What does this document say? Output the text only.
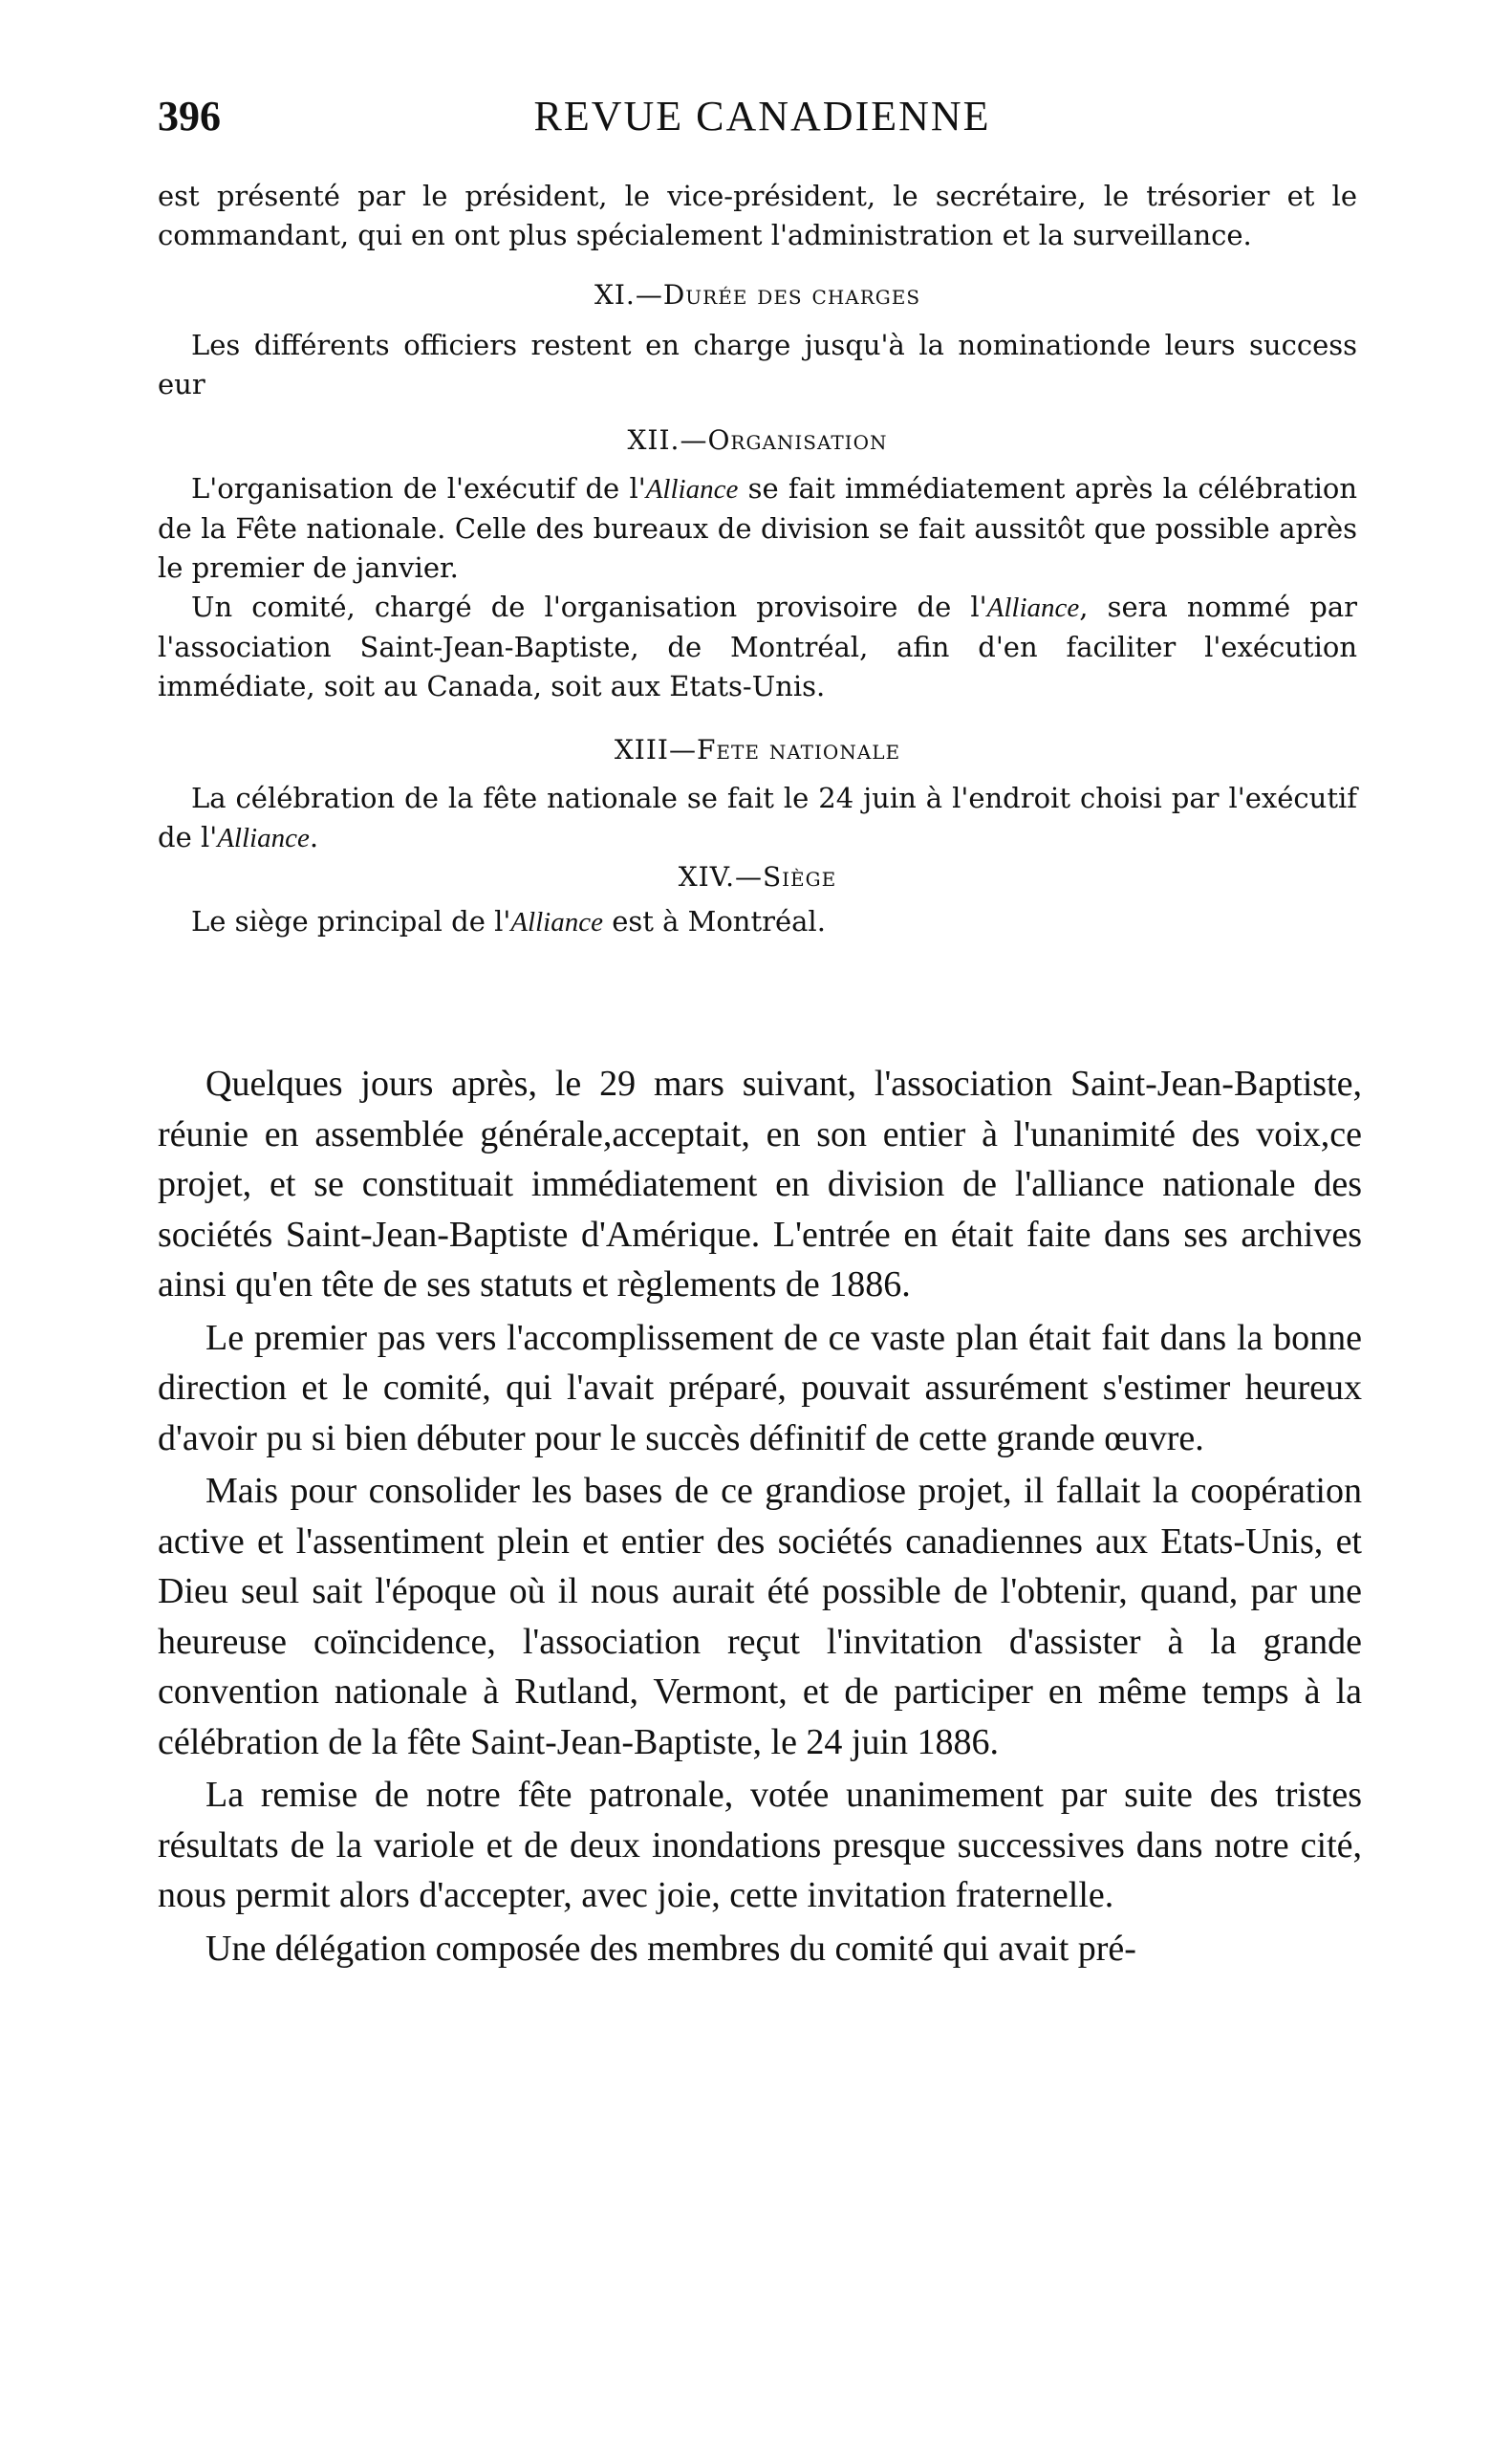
396	REVUE CANADIENNE

est présenté par le président, le vice-président, le secrétaire, le trésorier et le commandant, qui en ont plus spécialement l'administration et la surveillance.

XI.—Durée des charges

Les différents officiers restent en charge jusqu'à la nominationde leurs success eur

XII.—Organisation

L'organisation de l'exécutif de l'Alliance se fait immédiatement après la célébration de la Fête nationale. Celle des bureaux de division se fait aussitôt que possible après le premier de janvier.

Un comité, chargé de l'organisation provisoire de l'Alliance, sera nommé par l'association Saint-Jean-Baptiste, de Montréal, afin d'en faciliter l'exécution immédiate, soit au Canada, soit aux Etats-Unis.

XIII—Fete nationale

La célébration de la fête nationale se fait le 24 juin à l'endroit choisi par l'exécutif de l'Alliance.

XIV.—Siège

Le siège principal de l'Alliance est à Montréal.

Quelques jours après, le 29 mars suivant, l'association Saint-Jean-Baptiste, réunie en assemblée générale,acceptait, en son entier à l'unanimité des voix,ce projet, et se constituait immédiatement en division de l'alliance nationale des sociétés Saint-Jean-Baptiste d'Amérique. L'entrée en était faite dans ses archives ainsi qu'en tête de ses statuts et règlements de 1886.

Le premier pas vers l'accomplissement de ce vaste plan était fait dans la bonne direction et le comité, qui l'avait préparé, pouvait assurément s'estimer heureux d'avoir pu si bien débuter pour le succès définitif de cette grande œuvre.

Mais pour consolider les bases de ce grandiose projet, il fallait la coopération active et l'assentiment plein et entier des sociétés canadiennes aux Etats-Unis, et Dieu seul sait l'époque où il nous aurait été possible de l'obtenir, quand, par une heureuse coïncidence, l'association reçut l'invitation d'assister à la grande convention nationale à Rutland, Vermont, et de participer en même temps à la célébration de la fête Saint-Jean-Baptiste, le 24 juin 1886.

La remise de notre fête patronale, votée unanimement par suite des tristes résultats de la variole et de deux inondations presque successives dans notre cité, nous permit alors d'accepter, avec joie, cette invitation fraternelle.

Une délégation composée des membres du comité qui avait pré-
